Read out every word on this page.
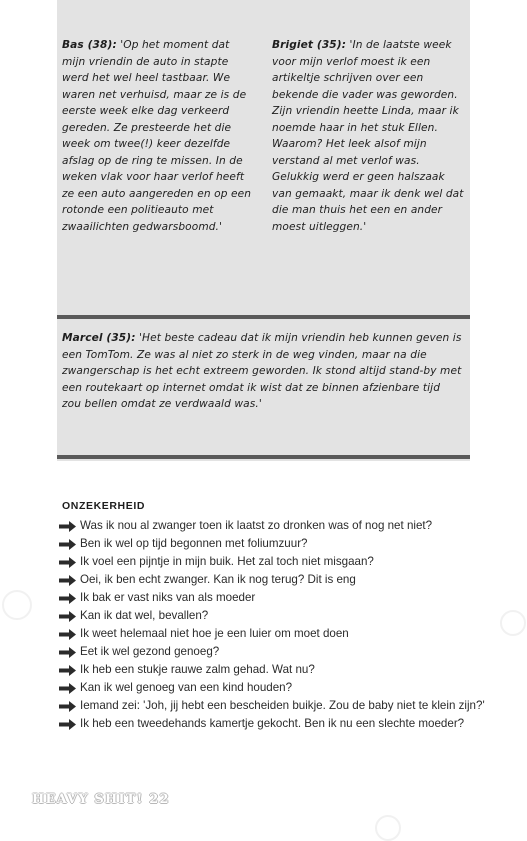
Bas (38): 'Op het moment dat mijn vriendin de auto in stapte werd het wel heel tastbaar. We waren net verhuisd, maar ze is de eerste week elke dag verkeerd gereden. Ze presteerde het die week om twee(!) keer dezelfde afslag op de ring te missen. In de weken vlak voor haar verlof heeft ze een auto aangereden en op een rotonde een politieauto met zwaailichten gedwarsboomd.'

Brigiet (35): 'In de laatste week voor mijn verlof moest ik een artikeltje schrijven over een bekende die vader was geworden. Zijn vriendin heette Linda, maar ik noemde haar in het stuk Ellen. Waarom? Het leek alsof mijn verstand al met verlof was. Gelukkig werd er geen halszaak van gemaakt, maar ik denk wel dat die man thuis het een en ander moest uitleggen.'

Marcel (35): 'Het beste cadeau dat ik mijn vriendin heb kunnen geven is een TomTom. Ze was al niet zo sterk in de weg vinden, maar na die zwangerschap is het echt extreem geworden. Ik stond altijd stand-by met een routekaart op internet omdat ik wist dat ze binnen afzienbare tijd zou bellen omdat ze verdwaald was.'

ONZEKERHEID
Was ik nou al zwanger toen ik laatst zo dronken was of nog net niet?
Ben ik wel op tijd begonnen met foliumzuur?
Ik voel een pijntje in mijn buik. Het zal toch niet misgaan?
Oei, ik ben echt zwanger. Kan ik nog terug? Dit is eng
Ik bak er vast niks van als moeder
Kan ik dat wel, bevallen?
Ik weet helemaal niet hoe je een luier om moet doen
Eet ik wel gezond genoeg?
Ik heb een stukje rauwe zalm gehad. Wat nu?
Kan ik wel genoeg van een kind houden?
Iemand zei: 'Joh, jij hebt een bescheiden buikje. Zou de baby niet te klein zijn?'
Ik heb een tweedehands kamertje gekocht. Ben ik nu een slechte moeder?
HEAVY SHIT! 22
